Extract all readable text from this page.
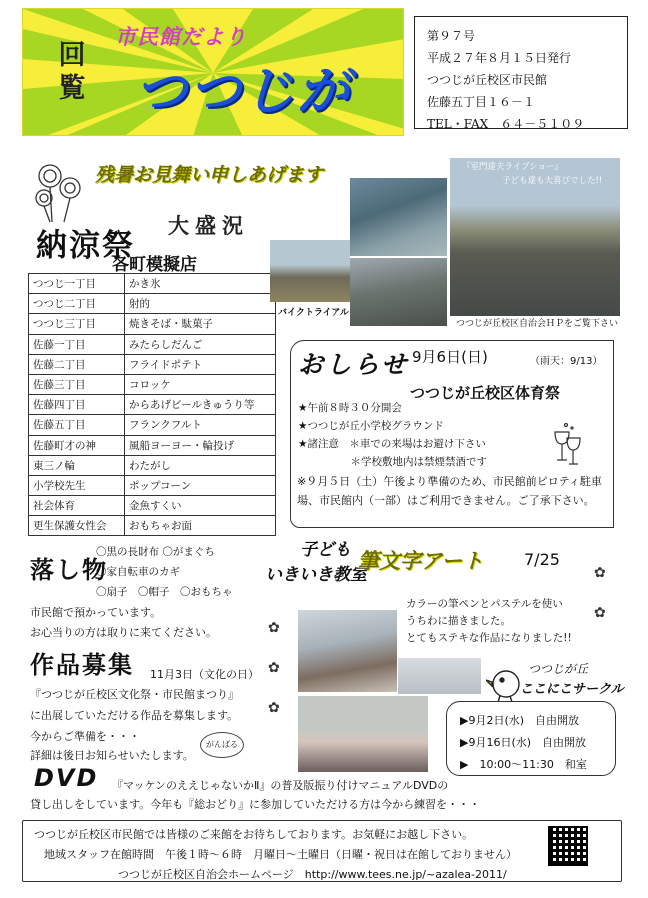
回
覧
市民館だより
つつじが
第９７号
平成２７年８月１５日発行
つつじが丘校区市民館
佐藤五丁目１６－１
TEL・FAX　６４－５１０９
残暑お見舞い申しあげます
納涼祭
大盛況
各町模擬店
つつじ一丁目	かき氷
つつじ二丁目	射的
つつじ三丁目	焼きそば・駄菓子
佐藤一丁目	みたらしだんご
佐藤二丁目	フライドポテト
佐藤三丁目	コロッケ
佐藤四丁目	からあげビールきゅうり等
佐藤五丁目	フランクフルト
佐藤町才の神	風船ヨーヨー・輪投げ
東三ノ輪	わたがし
小学校先生	ポップコーン
社会体育	金魚すくい
更生保護女性会	おもちゃお面
『室門達夫ライブショー』
子ども達も大喜びでした!!
バイクトライアル
つつじが丘校区自治会ＨＰをご覧下さい
おしらせ 9月6日(日)	（雨天：9/13）
つつじが丘校区体育祭
★午前８時３０分開会
★つつじが丘小学校グラウンド
★諸注意　＊車での来場はお避け下さい
　　　　　＊学校敷地内は禁煙禁酒です
※９月５日（土）午後より準備のため、市民館前ピロティ駐車場、市民館内（一部）はご利用できません。ご了承下さい。
落し物
〇黒の長財布 〇がまぐち
〇家自転車のカギ
〇扇子　〇帽子　〇おもちゃ
市民館で預かっています。
お心当りの方は取りに来てください。
子ども
いきいき教室
筆文字アート	7/25
カラーの筆ペンとパステルを使い
うちわに描きました。
とてもステキな作品になりました!!
✿
✿
✿
✿
✿
作品募集 11月3日（文化の日）
『つつじが丘校区文化祭・市民館まつり』
に出展していただける作品を募集します。
今からご準備を・・・
詳細は後日お知らせいたします。
がんばる
つつじが丘
ここにこサークル
▶9月2日(水)　自由開放
▶9月16日(水)　自由開放
▶　10:00～11:30　和室
DVD 『マッケンのええじゃないかⅡ』の普及版振り付けマニュアルDVDの
貸し出しをしています。今年も『総おどり』に参加していただける方は今から練習を・・・
つつじが丘校区市民館では皆様のご来館をお待ちしております。お気軽にお越し下さい。
地域スタッフ在館時間　午後１時～６時　月曜日～土曜日（日曜・祝日は在館しておりません）
つつじが丘校区自治会ホームページ　http://www.tees.ne.jp/~azalea-2011/
